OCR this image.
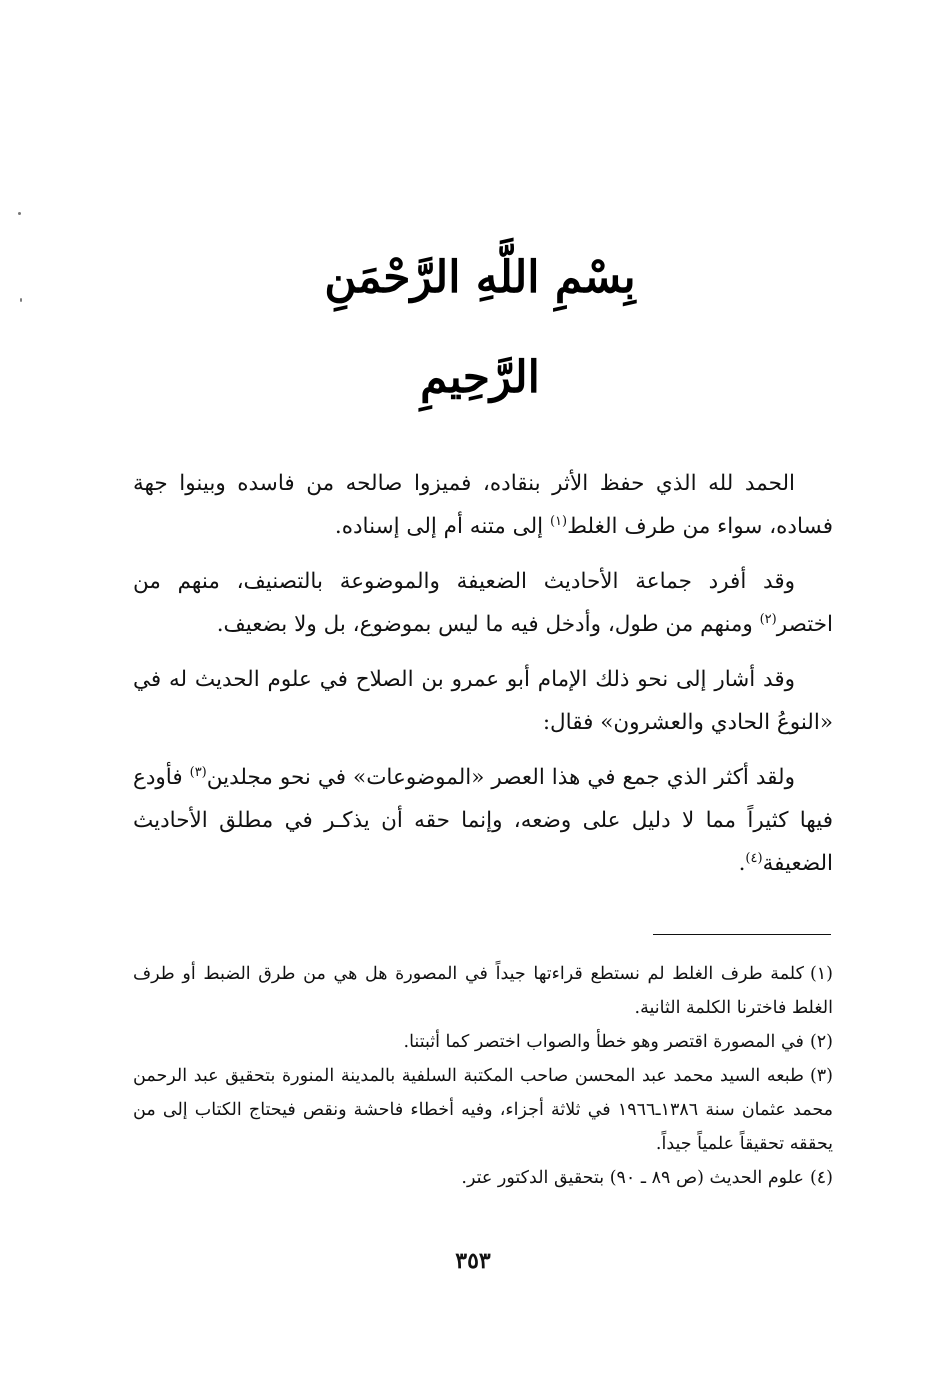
بِسْمِ اللَّهِ الرَّحْمَنِ الرَّحِيمِ

الحمد لله الذي حفظ الأثر بنقاده، فميزوا صالحه من فاسده وبينوا جهة فساده، سواء من طرف الغلط$^{(١)}$ إلى متنه أم إلى إسناده.

وقد أفرد جماعة الأحاديث الضعيفة والموضوعة بالتصنيف، منهم من اختصر$^{(٢)}$ ومنهم من طول، وأدخل فيه ما ليس بموضوع، بل ولا بضعيف.

وقد أشار إلى نحو ذلك الإمام أبو عمرو بن الصلاح في علوم الحديث له في «النوعُ الحادي والعشرون» فقال:

ولقد أكثر الذي جمع في هذا العصر «الموضوعات» في نحو مجلدين$^{(٣)}$ فأودع فيها كثيراً مما لا دليل على وضعه، وإنما حقه أن يذكـر في مطلق الأحاديث الضعيفة$^{(٤)}$.

(١)كلمة طرف الغلط لم نستطع قراءتها جيداً في المصورة هل هي من طرق الضبط أو طرف الغلط فاخترنا الكلمة الثانية.

(٢)في المصورة اقتصر وهو خطأ والصواب اختصر كما أثبتنا.

(٣)طبعه السيد محمد عبد المحسن صاحب المكتبة السلفية بالمدينة المنورة بتحقيق عبد الرحمن محمد عثمان سنة ١٣٨٦ـ١٩٦٦ في ثلاثة أجزاء، وفيه أخطاء فاحشة ونقص فيحتاج الكتاب إلى من يحققه تحقيقاً علمياً جيداً.

(٤)علوم الحديث (ص ٨٩ ـ ٩٠) بتحقيق الدكتور عتر.

٣٥٣
